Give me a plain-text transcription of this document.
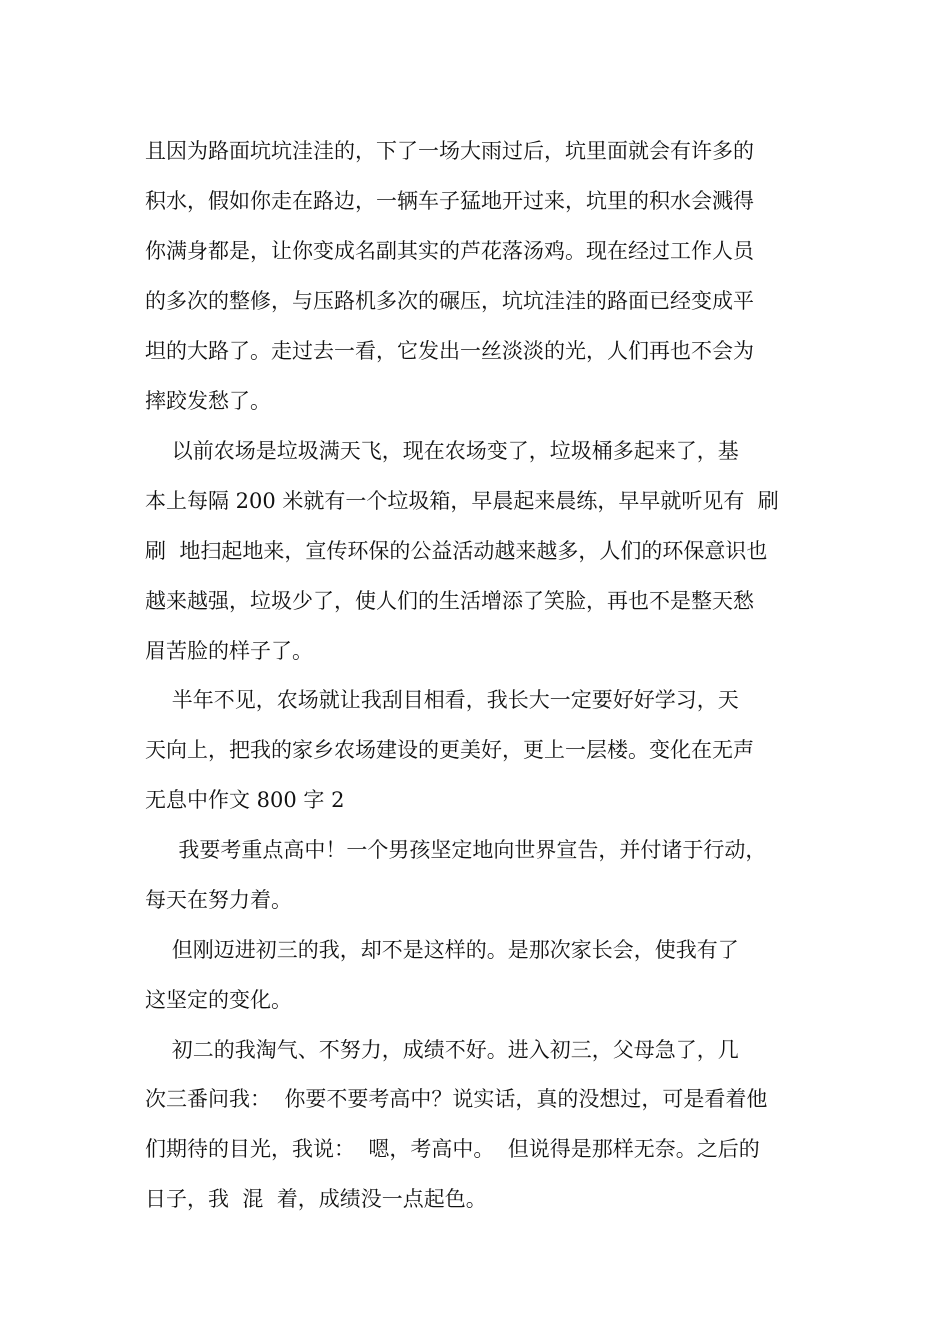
且因为路面坑坑洼洼的，下了一场大雨过后，坑里面就会有许多的
积水，假如你走在路边，一辆车子猛地开过来，坑里的积水会溅得
你满身都是，让你变成名副其实的芦花落汤鸡。现在经过工作人员
的多次的整修，与压路机多次的碾压，坑坑洼洼的路面已经变成平
坦的大路了。走过去一看，它发出一丝淡淡的光，人们再也不会为
摔跤发愁了。
以前农场是垃圾满天飞，现在农场变了，垃圾桶多起来了，基
本上每隔 200 米就有一个垃圾箱，早晨起来晨练，早早就听见有  刷
刷  地扫起地来，宣传环保的公益活动越来越多，人们的环保意识也
越来越强，垃圾少了，使人们的生活增添了笑脸，再也不是整天愁
眉苦脸的样子了。
半年不见，农场就让我刮目相看，我长大一定要好好学习，天
天向上，把我的家乡农场建设的更美好，更上一层楼。变化在无声
无息中作文 800 字 2
我要考重点高中！一个男孩坚定地向世界宣告，并付诸于行动，
每天在努力着。
但刚迈进初三的我，却不是这样的。是那次家长会，使我有了
这坚定的变化。
初二的我淘气、不努力，成绩不好。进入初三，父母急了，几
次三番问我：  你要不要考高中？说实话，真的没想过，可是看着他
们期待的目光，我说：  嗯，考高中。  但说得是那样无奈。之后的
日子，我  混  着，成绩没一点起色。
